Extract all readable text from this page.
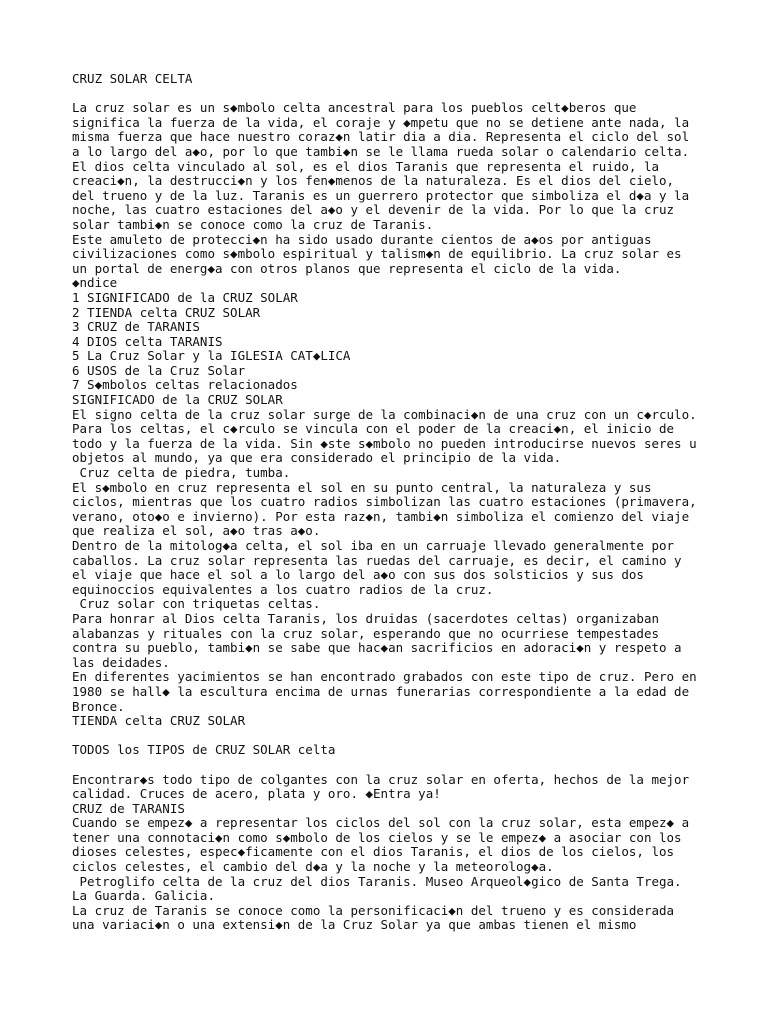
CRUZ SOLAR CELTA
La cruz solar es un s◆mbolo celta ancestral para los pueblos celt◆beros que
significa la fuerza de la vida, el coraje y ◆mpetu que no se detiene ante nada, la
misma fuerza que hace nuestro coraz◆n latir dia a dia. Representa el ciclo del sol
a lo largo del a◆o, por lo que tambi◆n se le llama rueda solar o calendario celta.
El dios celta vinculado al sol, es el dios Taranis que representa el ruido, la
creaci◆n, la destrucci◆n y los fen◆menos de la naturaleza. Es el dios del cielo,
del trueno y de la luz. Taranis es un guerrero protector que simboliza el d◆a y la
noche, las cuatro estaciones del a◆o y el devenir de la vida. Por lo que la cruz
solar tambi◆n se conoce como la cruz de Taranis.
Este amuleto de protecci◆n ha sido usado durante cientos de a◆os por antiguas
civilizaciones como s◆mbolo espiritual y talism◆n de equilibrio. La cruz solar es
un portal de energ◆a con otros planos que representa el ciclo de la vida.
◆ndice
1 SIGNIFICADO de la CRUZ SOLAR
2 TIENDA celta CRUZ SOLAR
3 CRUZ de TARANIS
4 DIOS celta TARANIS
5 La Cruz Solar y la IGLESIA CAT◆LICA
6 USOS de la Cruz Solar
7 S◆mbolos celtas relacionados
SIGNIFICADO de la CRUZ SOLAR
El signo celta de la cruz solar surge de la combinaci◆n de una cruz con un c◆rculo.
Para los celtas, el c◆rculo se vincula con el poder de la creaci◆n, el inicio de
todo y la fuerza de la vida. Sin ◆ste s◆mbolo no pueden introducirse nuevos seres u
objetos al mundo, ya que era considerado el principio de la vida.
Cruz celta de piedra, tumba.
El s◆mbolo en cruz representa el sol en su punto central, la naturaleza y sus
ciclos, mientras que los cuatro radios simbolizan las cuatro estaciones (primavera,
verano, oto◆o e invierno). Por esta raz◆n, tambi◆n simboliza el comienzo del viaje
que realiza el sol, a◆o tras a◆o.
Dentro de la mitolog◆a celta, el sol iba en un carruaje llevado generalmente por
caballos. La cruz solar representa las ruedas del carruaje, es decir, el camino y
el viaje que hace el sol a lo largo del a◆o con sus dos solsticios y sus dos
equinoccios equivalentes a los cuatro radios de la cruz.
Cruz solar con triquetas celtas.
Para honrar al Dios celta Taranis, los druidas (sacerdotes celtas) organizaban
alabanzas y rituales con la cruz solar, esperando que no ocurriese tempestades
contra su pueblo, tambi◆n se sabe que hac◆an sacrificios en adoraci◆n y respeto a
las deidades.
En diferentes yacimientos se han encontrado grabados con este tipo de cruz. Pero en
1980 se hall◆ la escultura encima de urnas funerarias correspondiente a la edad de
Bronce.
TIENDA celta CRUZ SOLAR
TODOS los TIPOS de CRUZ SOLAR celta
Encontrar◆s todo tipo de colgantes con la cruz solar en oferta, hechos de la mejor
calidad. Cruces de acero, plata y oro. ◆Entra ya!
CRUZ de TARANIS
Cuando se empez◆ a representar los ciclos del sol con la cruz solar, esta empez◆ a
tener una connotaci◆n como s◆mbolo de los cielos y se le empez◆ a asociar con los
dioses celestes, espec◆ficamente con el dios Taranis, el dios de los cielos, los
ciclos celestes, el cambio del d◆a y la noche y la meteorolog◆a.
Petroglifo celta de la cruz del dios Taranis. Museo Arqueol◆gico de Santa Trega.
La Guarda. Galicia.
La cruz de Taranis se conoce como la personificaci◆n del trueno y es considerada
una variaci◆n o una extensi◆n de la Cruz Solar ya que ambas tienen el mismo
